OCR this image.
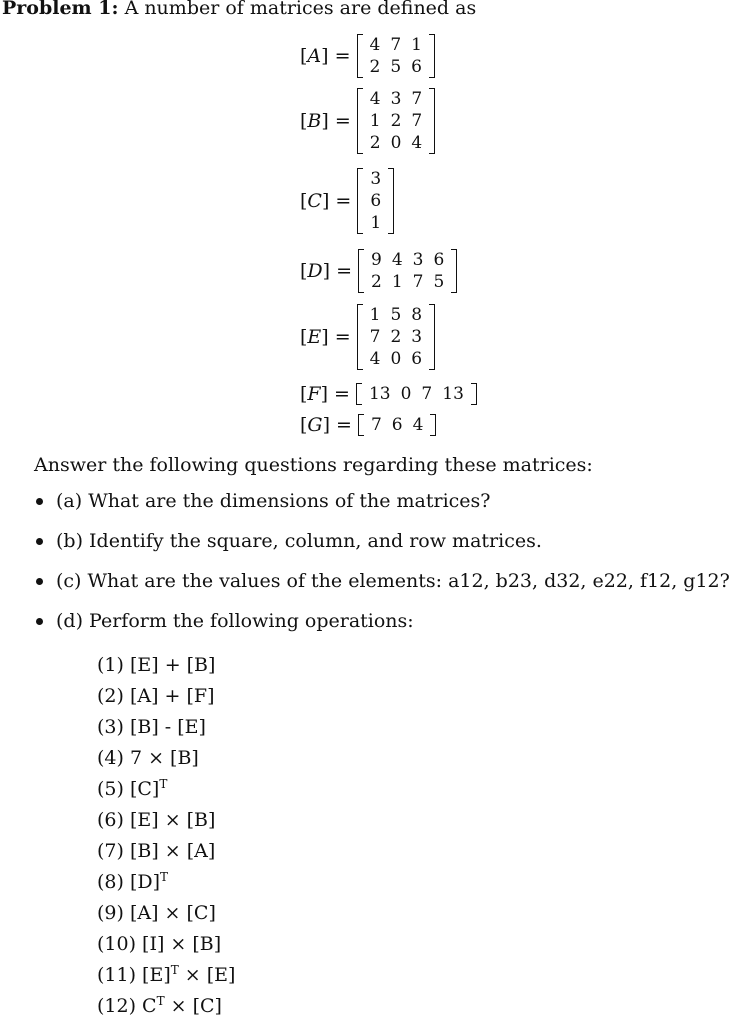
Problem 1: A number of matrices are defined as
[A] = 4 7 1
2 5 6
[B] =
4 3 7
1 2 7
2 0 4
[C] =
3
6
1
[D] = 9 4 3 6
2 1 7 5
[E] =
1 5 8
7 2 3
4 0 6
[F] = 13 0 7 13
[G] = 7 6 4
Answer the following questions regarding these matrices:
(a) What are the dimensions of the matrices?
(b) Identify the square, column, and row matrices.
(c) What are the values of the elements: a12, b23, d32, e22, f12, g12?
(d) Perform the following operations:
(1) [E] + [B]
(2) [A] + [F]
(3) [B] - [E]
(4) 7 × [B]
(5) $[C]^T$
(6) [E] × [B]
(7) [B] × [A]
(8) $[D]^T$
(9) [A] × [C]
(10) [I] × [B]
(11) $[E]^T \times [E]$
(12) $C^T \times [C]$
